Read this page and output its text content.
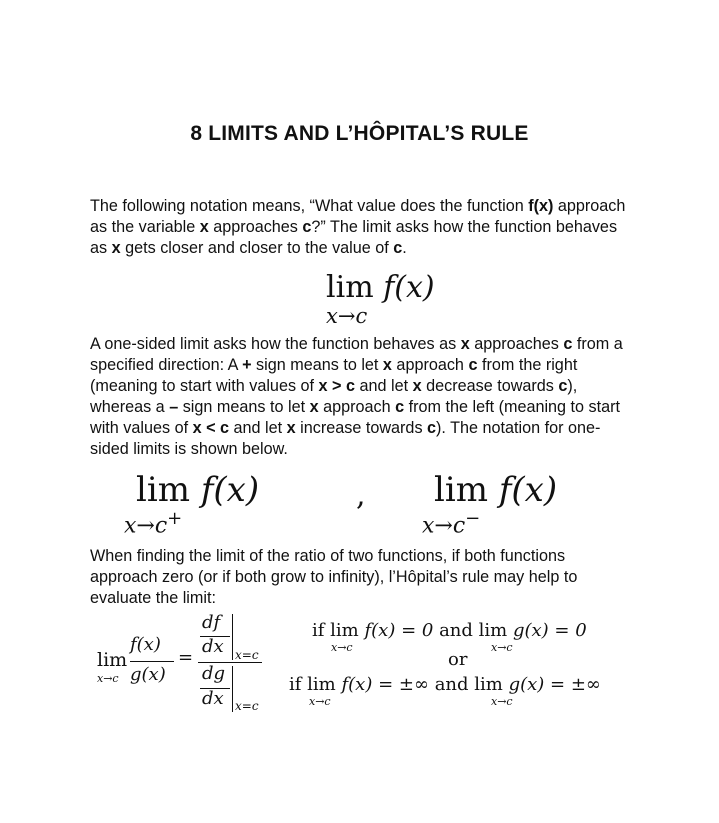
8 LIMITS AND L’HÔPITAL’S RULE
The following notation means, “What value does the function f(x) approach as the variable x approaches c?” The limit asks how the function behaves as x gets closer and closer to the value of c.
lim f(x)
x→c
A one-sided limit asks how the function behaves as x approaches c from a specified direction: A + sign means to let x approach c from the right (meaning to start with values of x > c and let x decrease towards c), whereas a – sign means to let x approach c from the left (meaning to start with values of x < c and let x increase towards c). The notation for one-sided limits is shown below.
lim f(x)
x→c+
, lim f(x)
x→c−
When finding the limit of the ratio of two functions, if both functions approach zero (or if both grow to infinity), l’Hôpital’s rule may help to evaluate the limit:
lim
x→c
f(x)
g(x)
=
df
dx x=c
dg
dx x=c
if lim f(x) = 0 and lim g(x) = 0
x→c	x→c
or
if lim f(x) = ±∞ and lim g(x) = ±∞
x→c	x→c
